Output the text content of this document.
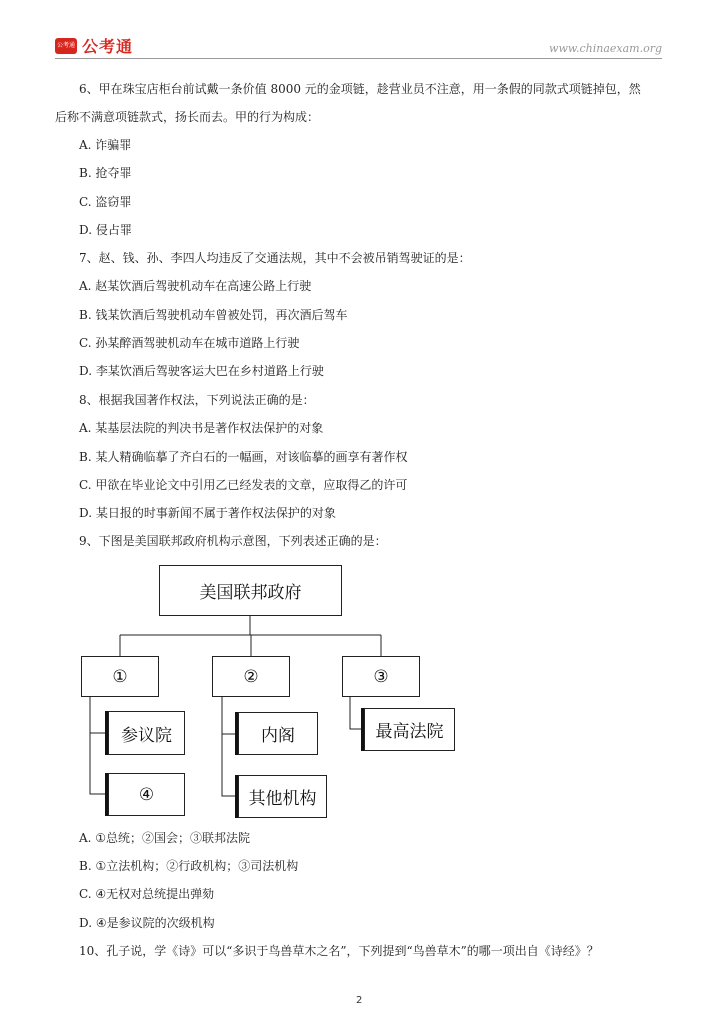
公考通 公考通	www.chinaexam.org
6、甲在珠宝店柜台前试戴一条价值 8000 元的金项链，趁营业员不注意，用一条假的同款式项链掉包，然
后称不满意项链款式，扬长而去。甲的行为构成：
A. 诈骗罪
B. 抢夺罪
C. 盗窃罪
D. 侵占罪
7、赵、钱、孙、李四人均违反了交通法规，其中不会被吊销驾驶证的是：
A. 赵某饮酒后驾驶机动车在高速公路上行驶
B. 钱某饮酒后驾驶机动车曾被处罚，再次酒后驾车
C. 孙某醉酒驾驶机动车在城市道路上行驶
D. 李某饮酒后驾驶客运大巴在乡村道路上行驶
8、根据我国著作权法，下列说法正确的是：
A. 某基层法院的判决书是著作权法保护的对象
B. 某人精确临摹了齐白石的一幅画，对该临摹的画享有著作权
C. 甲欲在毕业论文中引用乙已经发表的文章，应取得乙的许可
D. 某日报的时事新闻不属于著作权法保护的对象
9、下图是美国联邦政府机构示意图，下列表述正确的是：
美国联邦政府
①	②	③
参议院
④
内阁
其他机构
最高法院
A. ①总统；②国会；③联邦法院
B. ①立法机构；②行政机构；③司法机构
C. ④无权对总统提出弹劾
D. ④是参议院的次级机构
10、孔子说，学《诗》可以“多识于鸟兽草木之名”，下列提到“鸟兽草木”的哪一项出自《诗经》？
2
